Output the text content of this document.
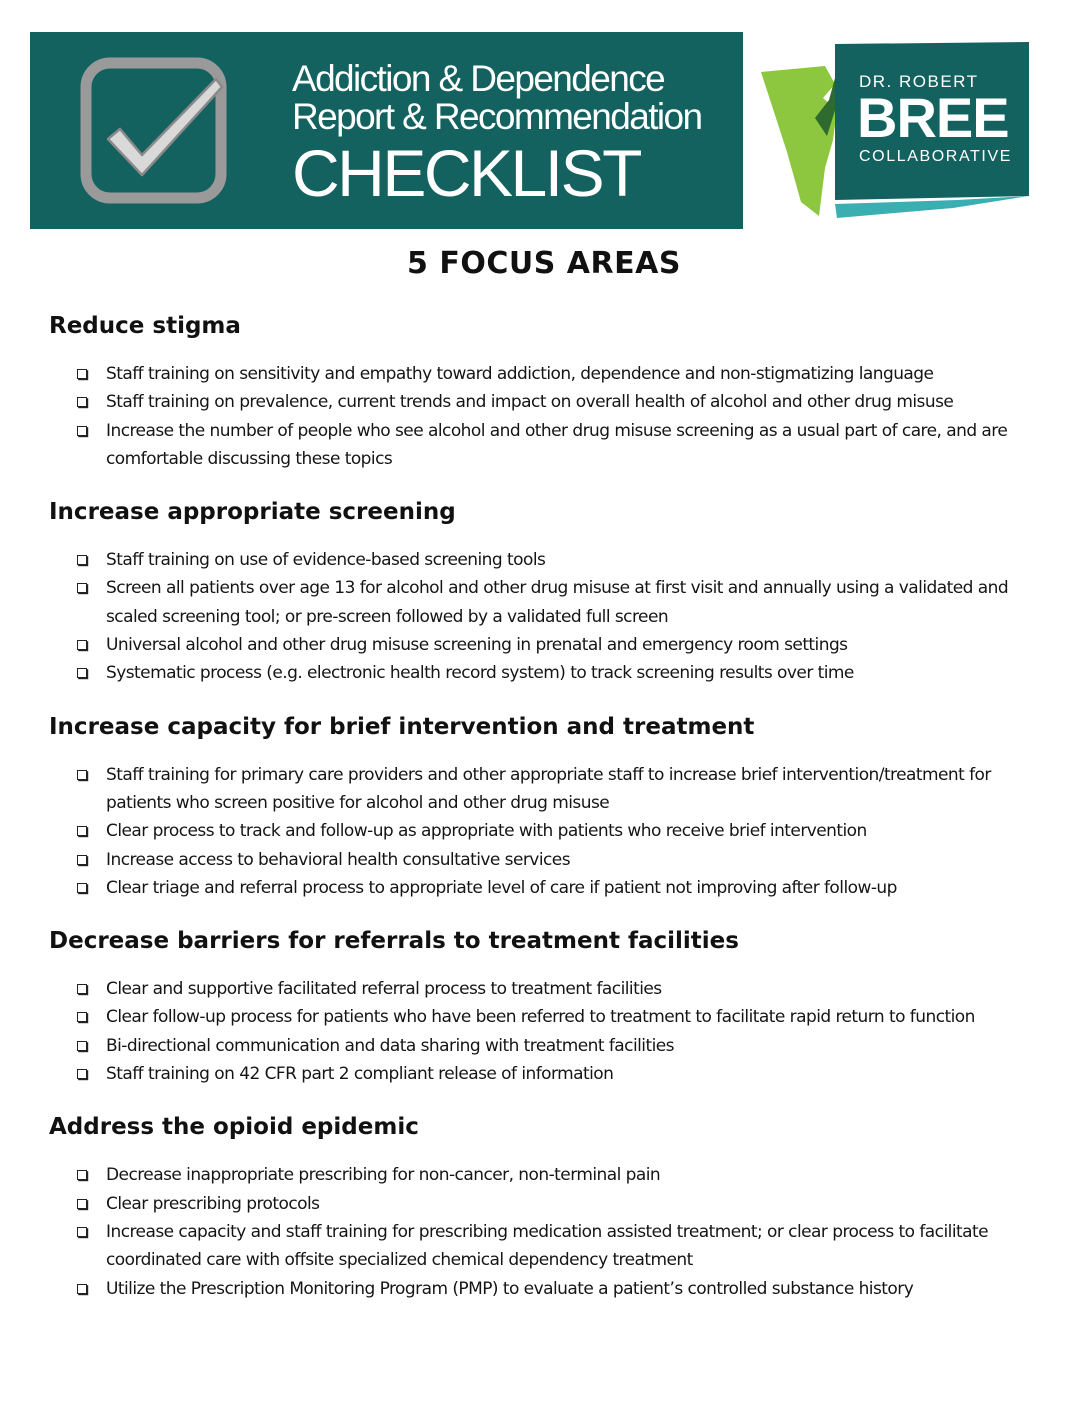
Addiction & Dependence
Report & Recommendation
CHECKLIST
DR. ROBERT
BREE
COLLABORATIVE
5 FOCUS AREAS
Reduce stigma
Staff training on sensitivity and empathy toward addiction, dependence and non-stigmatizing language
Staff training on prevalence, current trends and impact on overall health of alcohol and other drug misuse
Increase the number of people who see alcohol and other drug misuse screening as a usual part of care, and are comfortable discussing these topics
Increase appropriate screening
Staff training on use of evidence-based screening tools
Screen all patients over age 13 for alcohol and other drug misuse at first visit and annually using a validated and scaled screening tool; or pre-screen followed by a validated full screen
Universal alcohol and other drug misuse screening in prenatal and emergency room settings
Systematic process (e.g. electronic health record system) to track screening results over time
Increase capacity for brief intervention and treatment
Staff training for primary care providers and other appropriate staff to increase brief intervention/treatment for patients who screen positive for alcohol and other drug misuse
Clear process to track and follow-up as appropriate with patients who receive brief intervention
Increase access to behavioral health consultative services
Clear triage and referral process to appropriate level of care if patient not improving after follow-up
Decrease barriers for referrals to treatment facilities
Clear and supportive facilitated referral process to treatment facilities
Clear follow-up process for patients who have been referred to treatment to facilitate rapid return to function
Bi-directional communication and data sharing with treatment facilities
Staff training on 42 CFR part 2 compliant release of information
Address the opioid epidemic
Decrease inappropriate prescribing for non-cancer, non-terminal pain
Clear prescribing protocols
Increase capacity and staff training for prescribing medication assisted treatment; or clear process to facilitate coordinated care with offsite specialized chemical dependency treatment
Utilize the Prescription Monitoring Program (PMP) to evaluate a patient’s controlled substance history
